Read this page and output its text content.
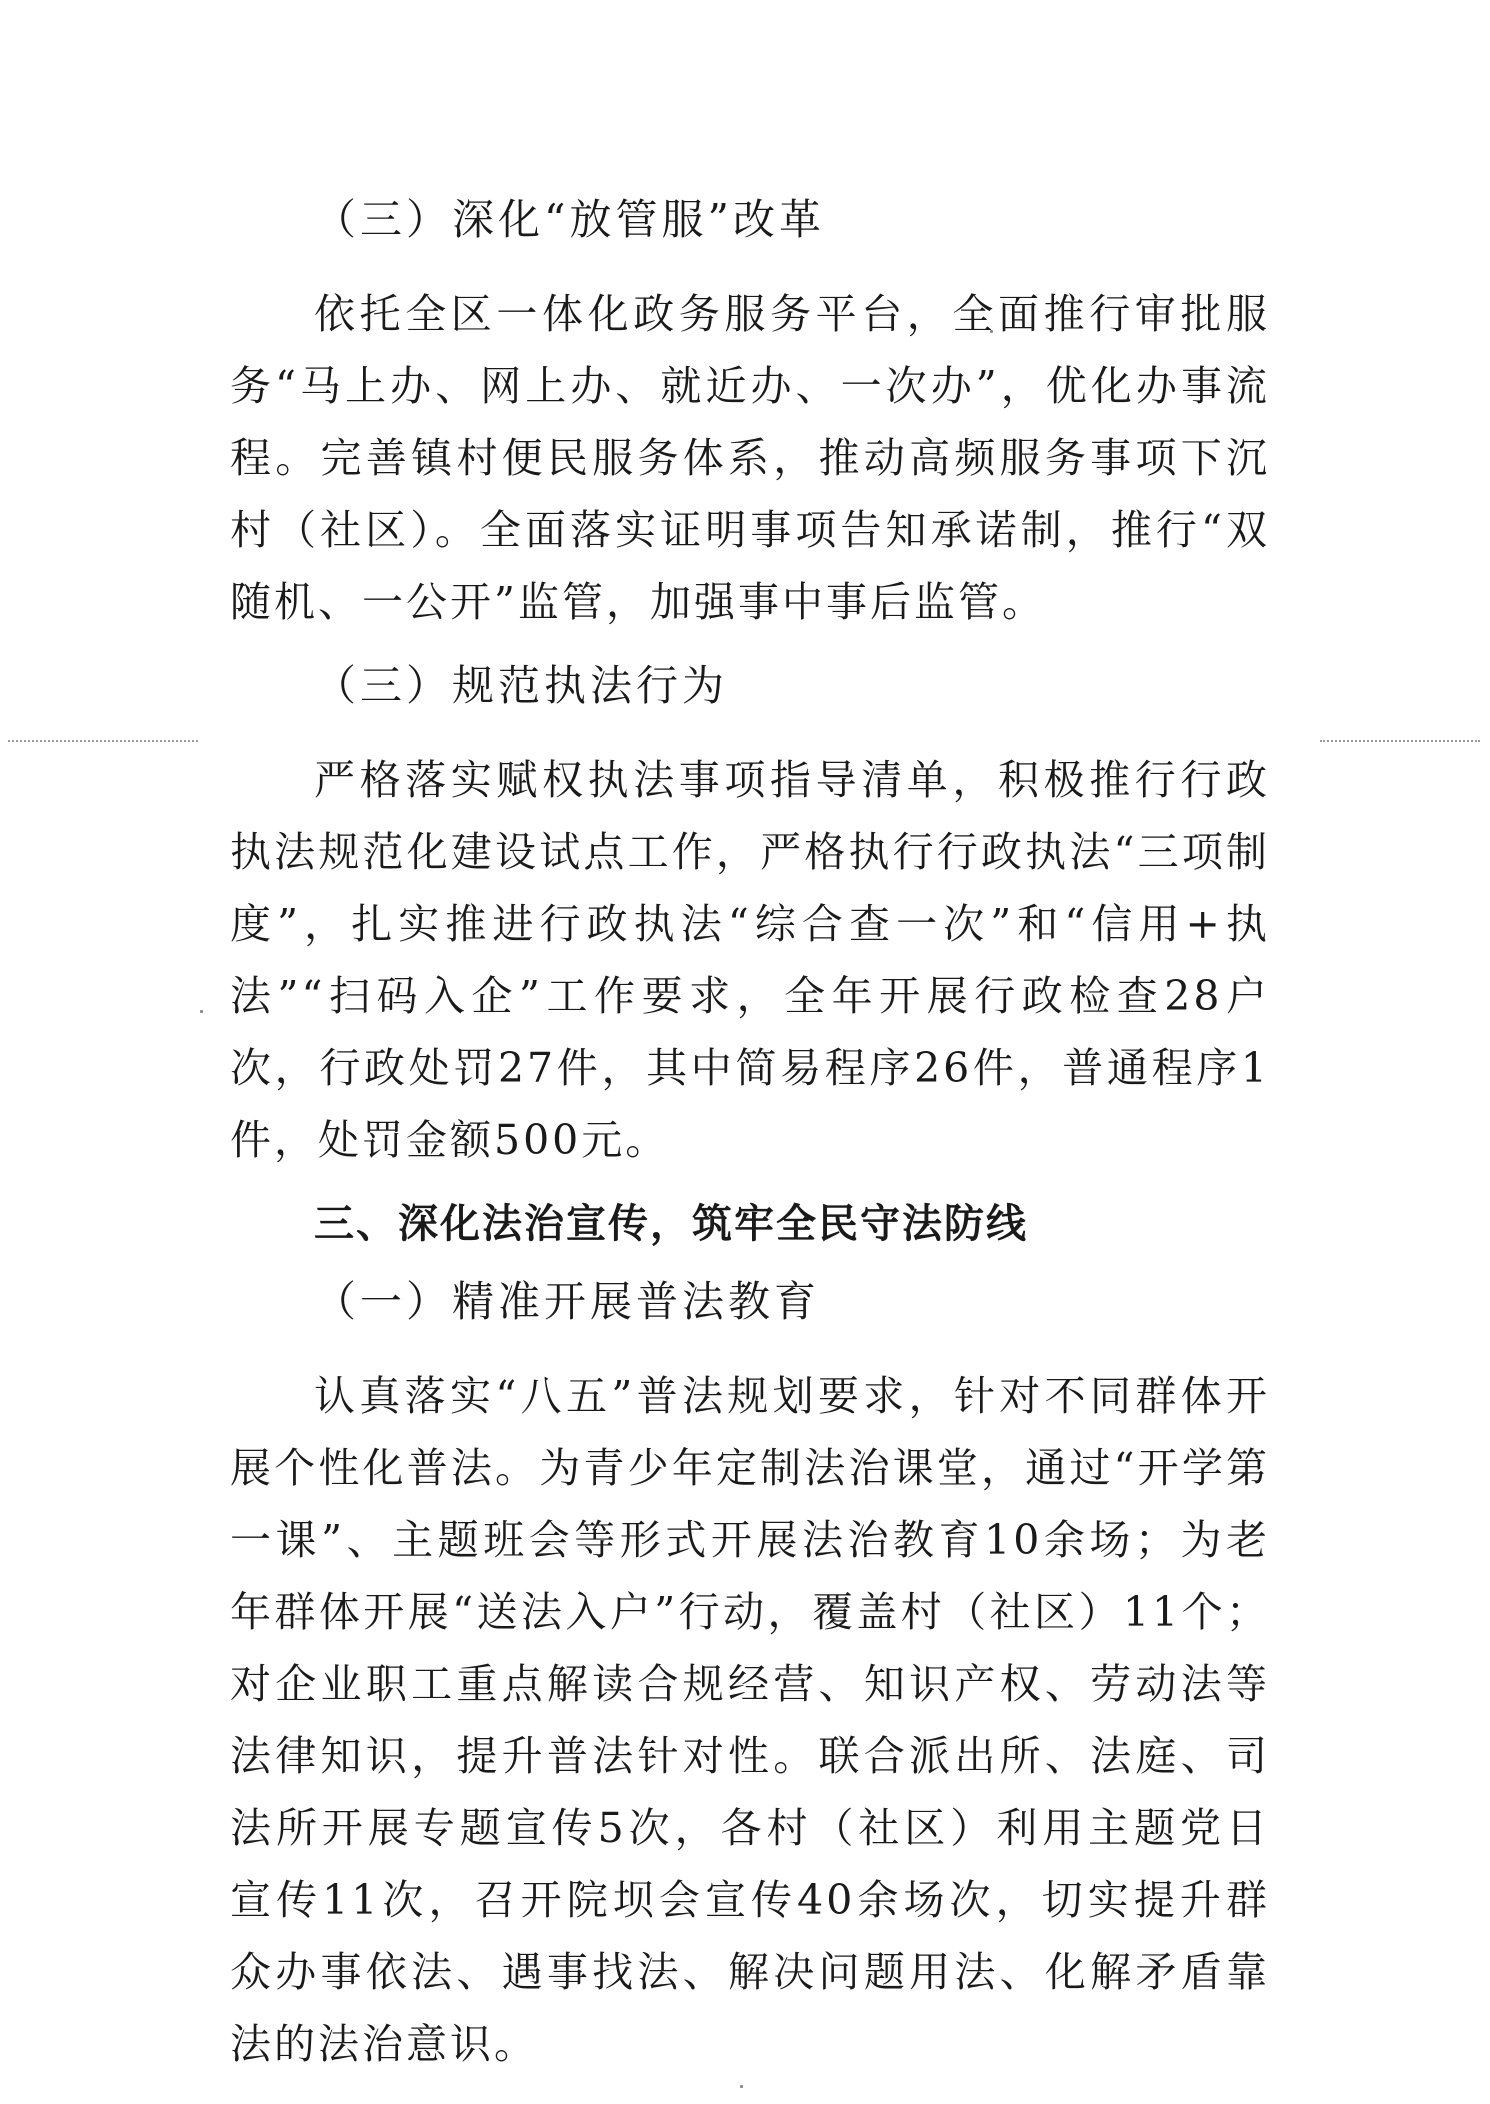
（三）深化“放管服”改革

依托全区一体化政务服务平台，全面推行审批服务“马上办、网上办、就近办、一次办”，优化办事流程。完善镇村便民服务体系，推动高频服务事项下沉村（社区）。全面落实证明事项告知承诺制，推行“双随机、一公开”监管，加强事中事后监管。

（三）规范执法行为

严格落实赋权执法事项指导清单，积极推行行政执法规范化建设试点工作，严格执行行政执法“三项制度”，扎实推进行政执法“综合查一次”和“信用+执法”“扫码入企”工作要求，全年开展行政检查28户次，行政处罚27件，其中简易程序26件，普通程序1件，处罚金额500元。

三、深化法治宣传，筑牢全民守法防线
（一）精准开展普法教育

认真落实“八五”普法规划要求，针对不同群体开展个性化普法。为青少年定制法治课堂，通过“开学第一课”、主题班会等形式开展法治教育10余场；为老年群体开展“送法入户”行动，覆盖村（社区）11个；对企业职工重点解读合规经营、知识产权、劳动法等法律知识，提升普法针对性。联合派出所、法庭、司法所开展专题宣传5次，各村（社区）利用主题党日宣传11次，召开院坝会宣传40余场次，切实提升群众办事依法、遇事找法、解决问题用法、化解矛盾靠法的法治意识。
